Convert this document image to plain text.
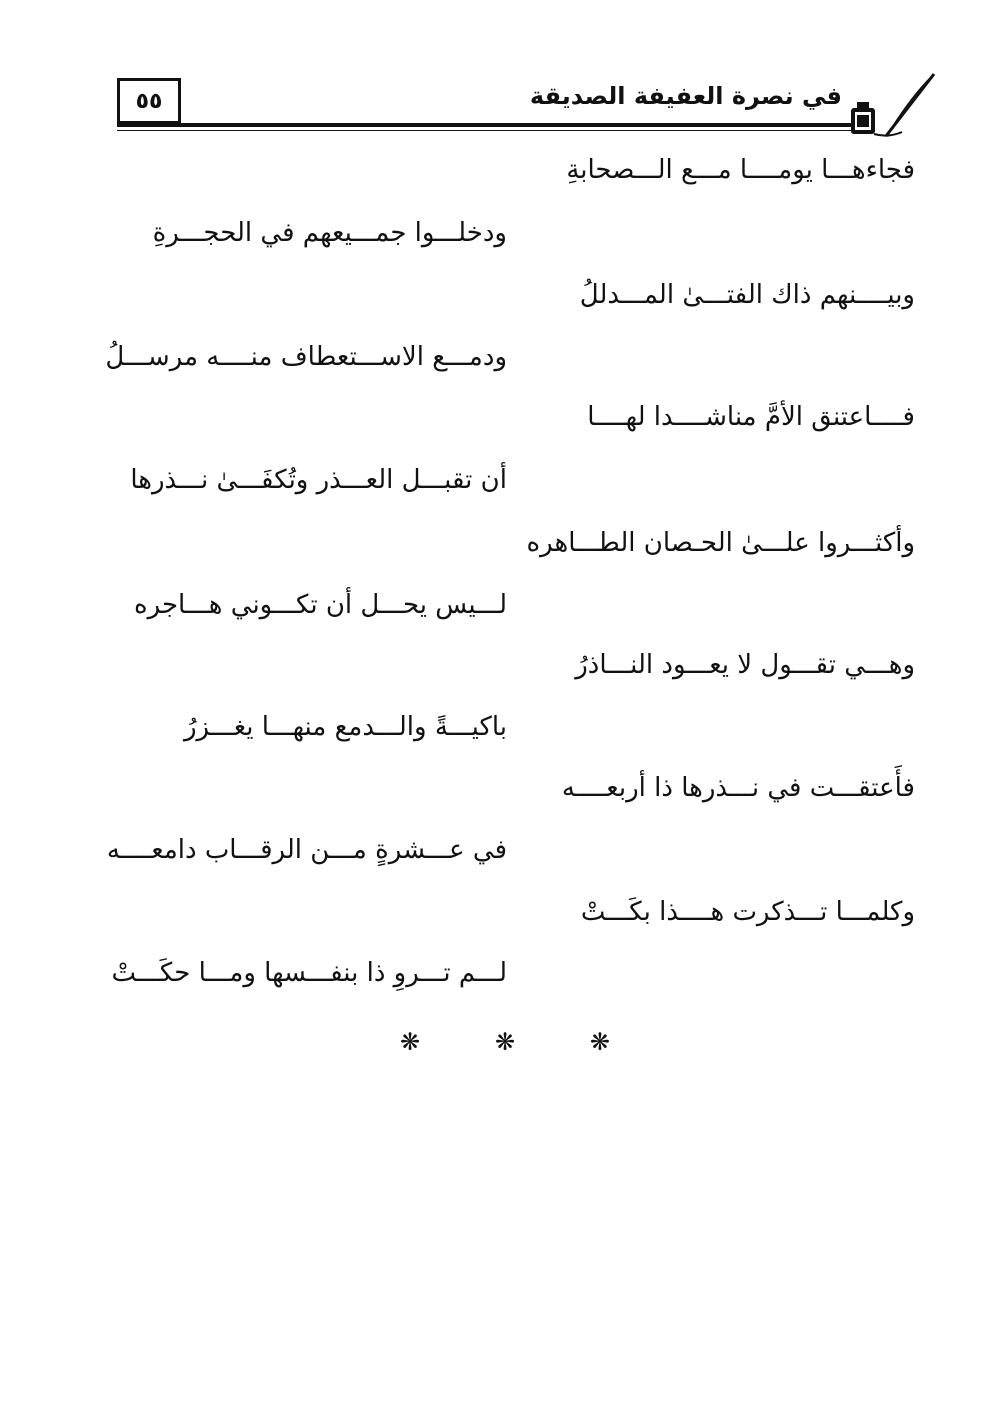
٥٥	في نصرة العفيفة الصديقة
فجاءهـــا يومــــا مـــع الـــصحابةِ
ودخلـــوا جمـــيعهم في الحجـــرةِ
وبيــــنهم ذاك الفتـــىٰ المـــدللُ
ودمـــع الاســـتعطاف منــــه مرســـلُ
فــــاعتنق الأمَّ مناشــــدا لهــــا
أن تقبـــل العـــذر وتُكفَـــىٰ نـــذرها
وأكثـــروا علـــىٰ الحـصان الطـــاهره
لـــيس يحـــل أن تكـــوني هـــاجره
وهـــي تقـــول لا يعـــود النـــاذرُ
باكيـــةً والـــدمع منهـــا يغـــزرُ
فأَعتقـــت في نـــذرها ذا أربعــــه
في عـــشرةٍ مـــن الرقـــاب دامعــــه
وكلمـــا تـــذكرت هــــذا بكَـــتْ
لـــم تـــروِ ذا بنفـــسها ومـــا حكَـــتْ
❋	❋	❋
